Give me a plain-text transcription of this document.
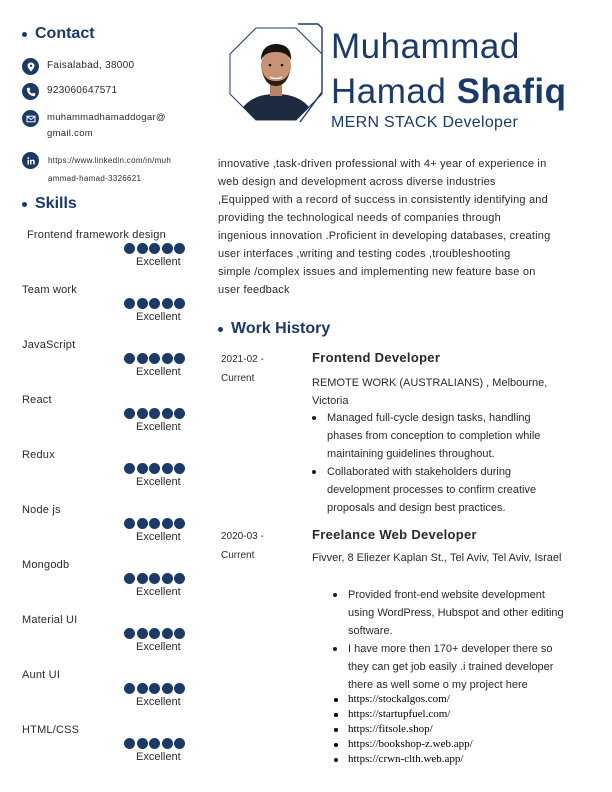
Contact
Faisalabad, 38000
923060647571
muhammadhamaddogar@
gmail.com
https://www.linkedin.com/in/muh
ammad-hamad-3326621
Skills
Frontend framework design
Excellent
Team work
Excellent
JavaScript
Excellent
React
Excellent
Redux
Excellent
Node js
Excellent
Mongodb
Excellent
Material UI
Excellent
Aunt UI
Excellent
HTML/CSS
Excellent
Muhammad
Hamad Shafiq
MERN STACK Developer
innovative ,task-driven professional with 4+ year of experience in
web design and development across diverse industries
,Equipped with a record of success in consistently identifying and
providing the technological needs of companies through
ingenious innovation .Proficient in developing databases, creating
user interfaces ,writing and testing codes ,troubleshooting
simple /complex issues and implementing new feature base on
user feedback
Work History
2021-02 -
Current
Frontend Developer
REMOTE WORK (AUSTRALIANS) , Melbourne,
Victoria
Managed full-cycle design tasks, handling
phases from conception to completion while
maintaining guidelines throughout.
Collaborated with stakeholders during
development processes to confirm creative
proposals and design best practices.
2020-03 -
Current
Freelance Web Developer
Fivver, 8 Eliezer Kaplan St., Tel Aviv, Tel Aviv, Israel
Provided front-end website development
using WordPress, Hubspot and other editing
software.
I have more then 170+ developer there so
they can get job easily .i trained developer
there as well some o my project here
https://stockalgos.com/
https://startupfuel.com/
https://fitsole.shop/
https://bookshop-z.web.app/
https://crwn-clth.web.app/
